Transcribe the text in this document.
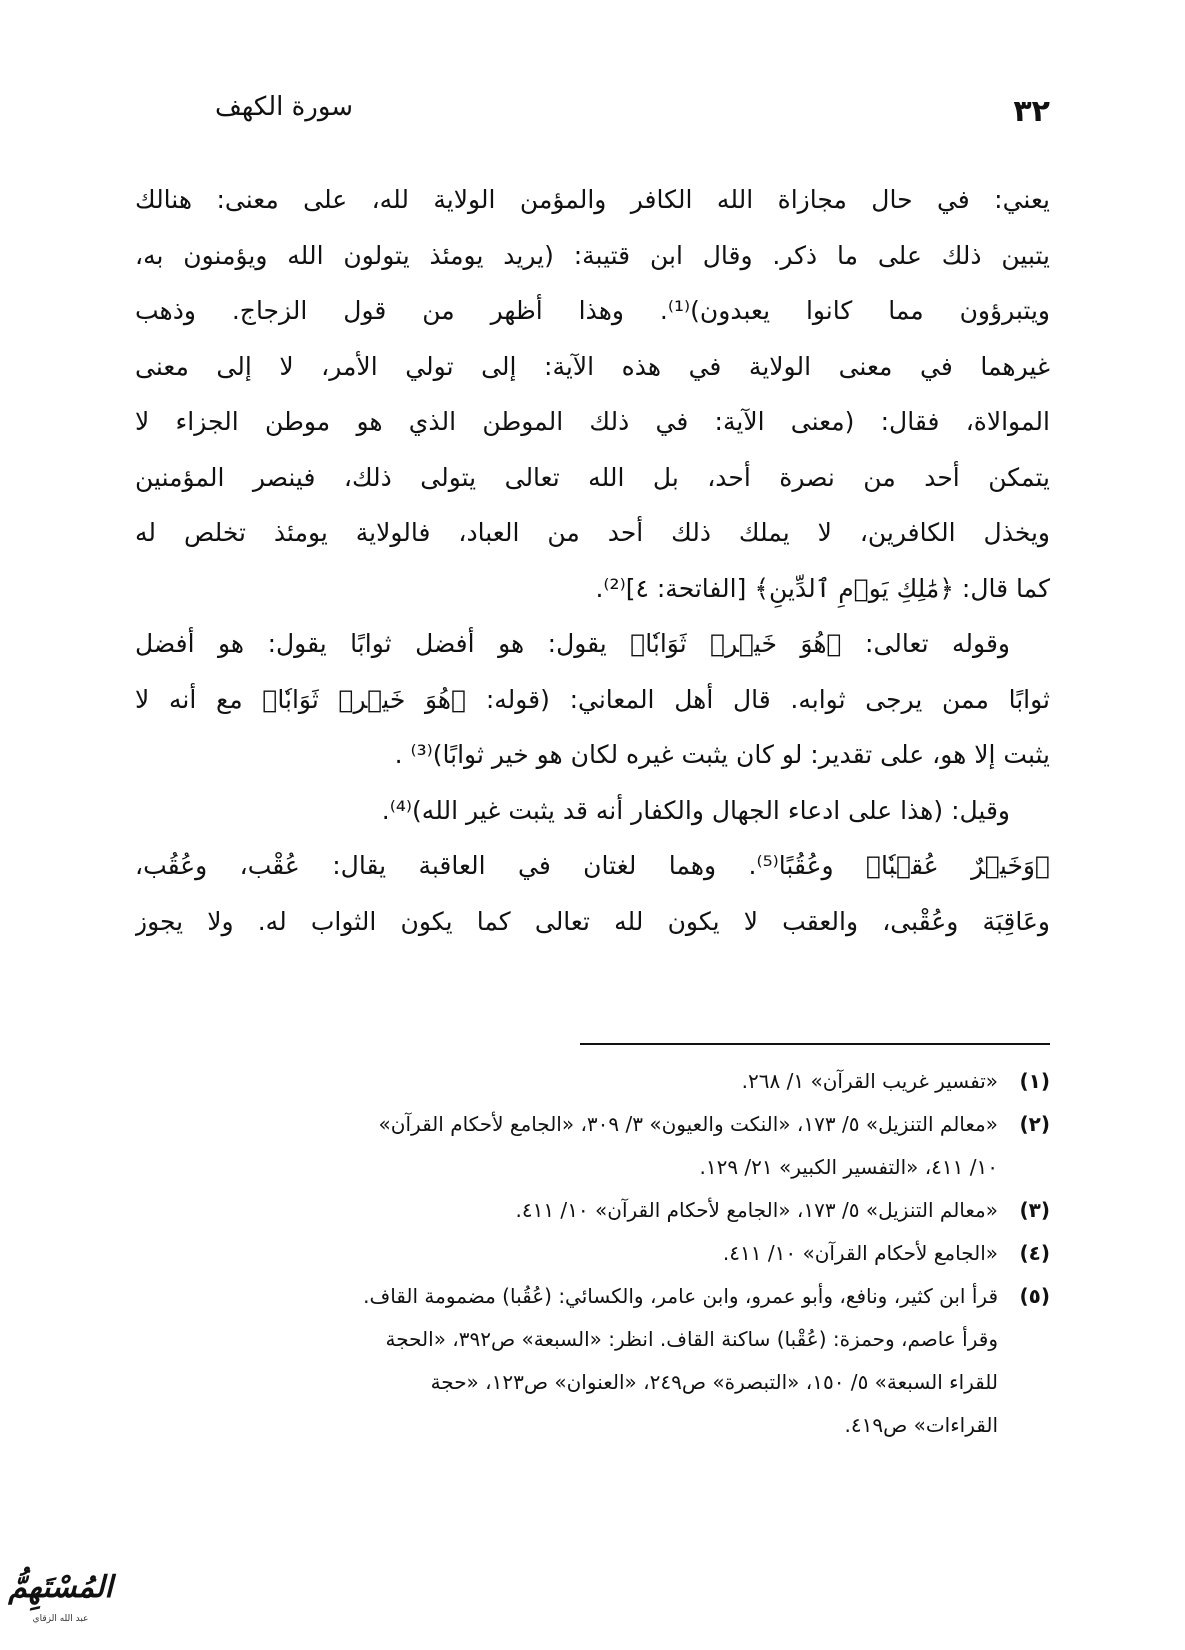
٣٢
سورة الكهف
يعني: في حال مجازاة الله الكافر والمؤمن الولاية لله، على معنى: هنالك
يتبين ذلك على ما ذكر. وقال ابن قتيبة: (يريد يومئذ يتولون الله ويؤمنون به،
ويتبرؤون مما كانوا يعبدون)⁽¹⁾. وهذا أظهر من قول الزجاج. وذهب
غيرهما في معنى الولاية في هذه الآية: إلى تولي الأمر، لا إلى معنى
الموالاة، فقال: (معنى الآية: في ذلك الموطن الذي هو موطن الجزاء لا
يتمكن أحد من نصرة أحد، بل الله تعالى يتولى ذلك، فينصر المؤمنين
ويخذل الكافرين، لا يملك ذلك أحد من العباد، فالولاية يومئذ تخلص له
كما قال: ﴿مَٰلِكِ يَوۡمِ ٱلدِّينِ﴾ [الفاتحة: ٤]⁽²⁾.
وقوله تعالى: ﴿هُوَ خَيۡرٞ ثَوَابٗا﴾ يقول: هو أفضل ثوابًا يقول: هو أفضل
ثوابًا ممن يرجى ثوابه. قال أهل المعاني: (قوله: ﴿هُوَ خَيۡرٞ ثَوَابٗا﴾ مع أنه لا
يثبت إلا هو، على تقدير: لو كان يثبت غيره لكان هو خير ثوابًا)⁽³⁾ .
وقيل: (هذا على ادعاء الجهال والكفار أنه قد يثبت غير الله)⁽⁴⁾.
﴿وَخَيۡرٌ عُقۡبٗا﴾ وعُقُبًا⁽⁵⁾. وهما لغتان في العاقبة يقال: عُقْب، وعُقُب،
وعَاقِبَة وعُقْبى، والعقب لا يكون لله تعالى كما يكون الثواب له. ولا يجوز
(١)
«تفسير غريب القرآن» ١/ ٢٦٨.
(٢)
«معالم التنزيل» ٥/ ١٧٣، «النكت والعيون» ٣/ ٣٠٩، «الجامع لأحكام القرآن»
١٠/ ٤١١، «التفسير الكبير» ٢١/ ١٢٩.
(٣)
«معالم التنزيل» ٥/ ١٧٣، «الجامع لأحكام القرآن» ١٠/ ٤١١.
(٤)
«الجامع لأحكام القرآن» ١٠/ ٤١١.
(٥)
قرأ ابن كثير، ونافع، وأبو عمرو، وابن عامر، والكسائي: (عُقُبا) مضمومة القاف.
وقرأ عاصم، وحمزة: (عُقْبا) ساكنة القاف. انظر: «السبعة» ص٣٩٢، «الحجة
للقراء السبعة» ٥/ ١٥٠، «التبصرة» ص٢٤٩، «العنوان» ص١٢٣، «حجة
القراءات» ص٤١٩.
المُسْتَهِمُّ
عبد الله الزقاي
